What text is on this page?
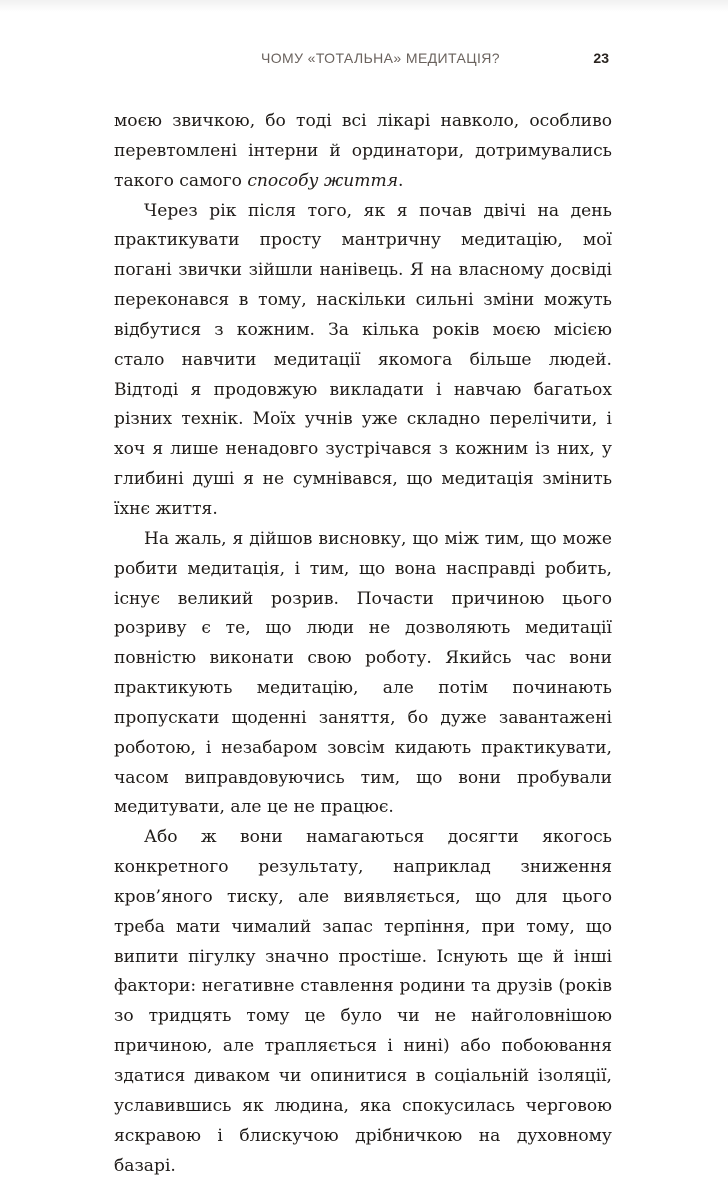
ЧОМУ «ТОТАЛЬНА» МЕДИТАЦІЯ?	23

моєю звичкою, бо тоді всі лікарі навколо, особливо перевтомлені інтерни й ординатори, дотримувались такого самого способу життя.

Через рік після того, як я почав двічі на день практикувати просту мантричну медитацію, мої погані звички зійшли нанівець. Я на власному досвіді переконався в тому, наскільки сильні зміни можуть відбутися з кожним. За кілька років моєю місією стало навчити медитації якомога більше людей. Відтоді я продовжую викладати і навчаю багатьох різних технік. Моїх учнів уже складно перелічити, і хоч я лише ненадовго зустрічався з кожним із них, у глибині душі я не сумнівався, що медитація змінить їхнє життя.

На жаль, я дійшов висновку, що між тим, що може робити медитація, і тим, що вона насправді робить, існує великий розрив. Почасти причиною цього розриву є те, що люди не дозволяють медитації повністю виконати свою роботу. Якийсь час вони практикують медитацію, але потім починають пропускати щоденні заняття, бо дуже завантажені роботою, і незабаром зовсім кидають практикувати, часом виправдовуючись тим, що вони пробували медитувати, але це не працює.

Або ж вони намагаються досягти якогось конкретного результату, наприклад зниження кров’яного тиску, але виявляється, що для цього треба мати чималий запас терпіння, при тому, що випити пігулку значно простіше. Існують ще й інші фактори: негативне ставлення родини та друзів (років зо тридцять тому це було чи не найголовнішою причиною, але трапляється і нині) або побоювання здатися диваком чи опинитися в соціальній ізоляції, уславившись як людина, яка спокусилась черговою яскравою і блискучою дрібничкою на духовному базарі.
